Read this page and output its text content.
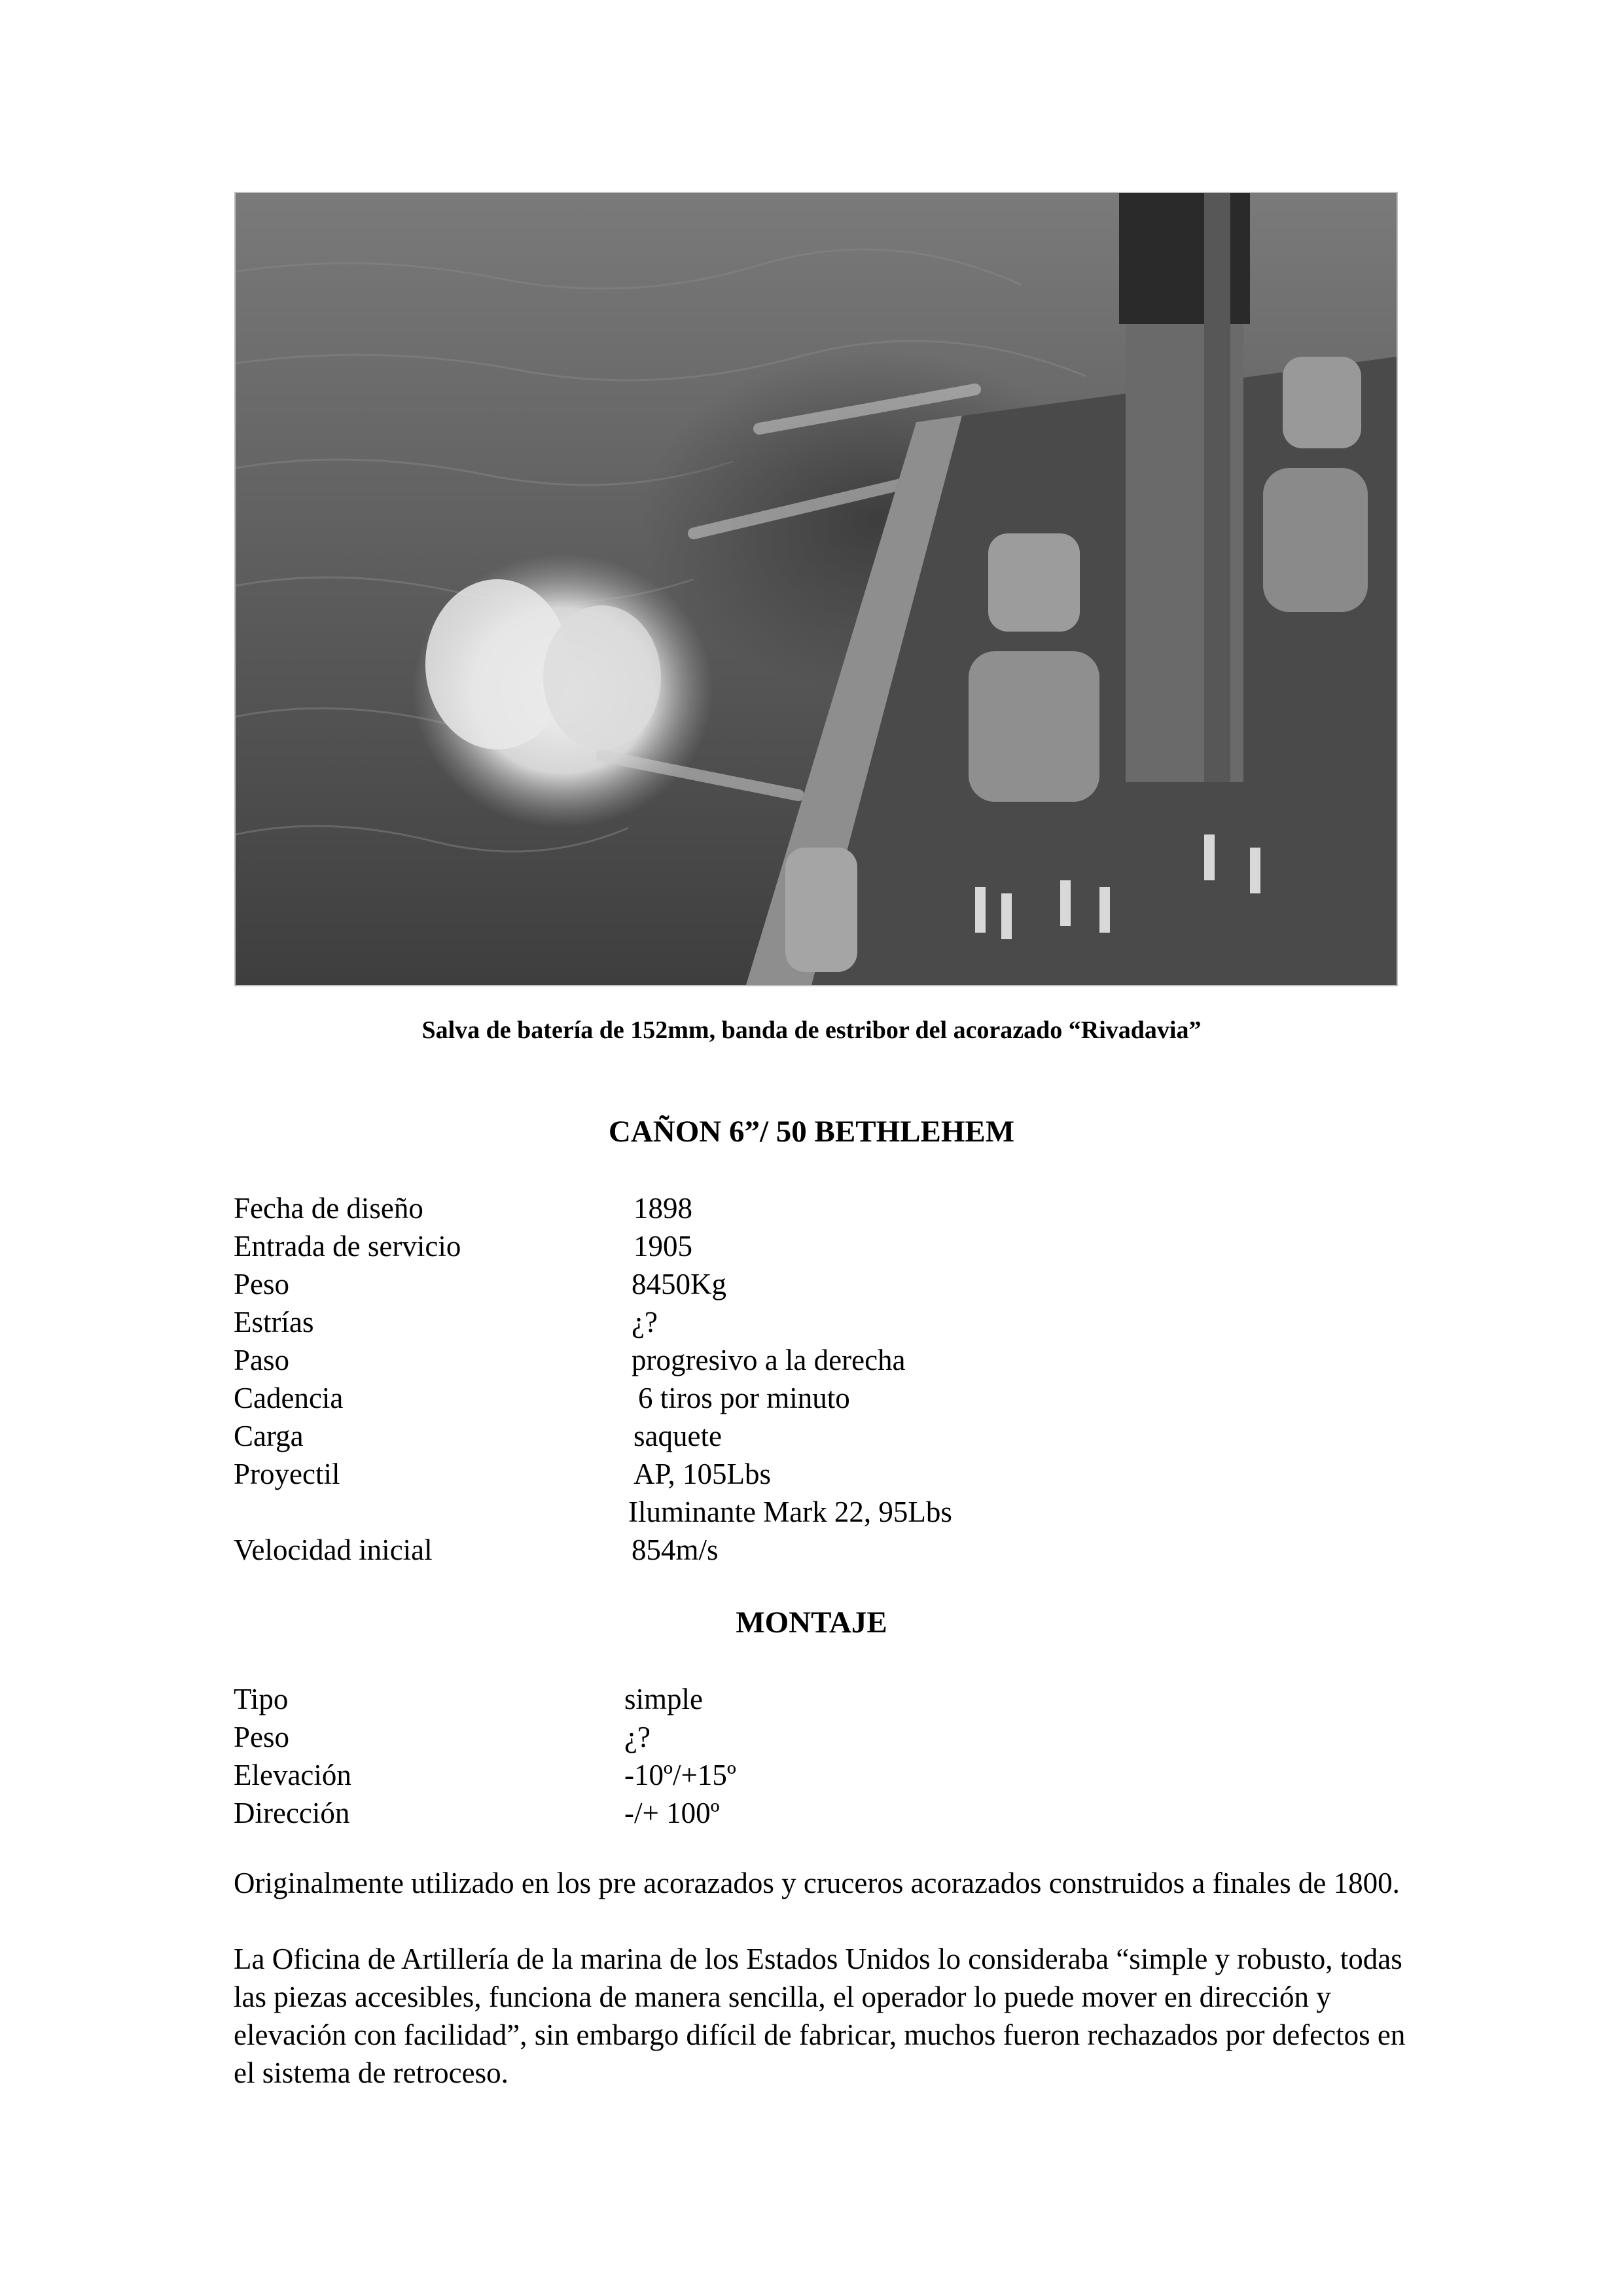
Salva de batería de 152mm, banda de estribor del acorazado “Rivadavia”
CAÑON 6”/ 50 BETHLEHEM
Fecha de diseño	1898
Entrada de servicio	1905
Peso	8450Kg
Estrías	¿?
Paso	progresivo a la derecha
Cadencia	6 tiros por minuto
Carga	saquete
Proyectil	AP, 105Lbs
Iluminante Mark 22, 95Lbs
Velocidad inicial	854m/s
MONTAJE
Tipo	simple
Peso	¿?
Elevación	-10º/+15º
Dirección	-/+ 100º

Originalmente utilizado en los pre acorazados y cruceros acorazados construidos a finales de 1800.

La Oficina de Artillería de la marina de los Estados Unidos lo consideraba “simple y robusto, todas las piezas accesibles, funciona de manera sencilla, el operador lo puede mover en dirección y elevación con facilidad”, sin embargo difícil de fabricar, muchos fueron rechazados por defectos en el sistema de retroceso.
